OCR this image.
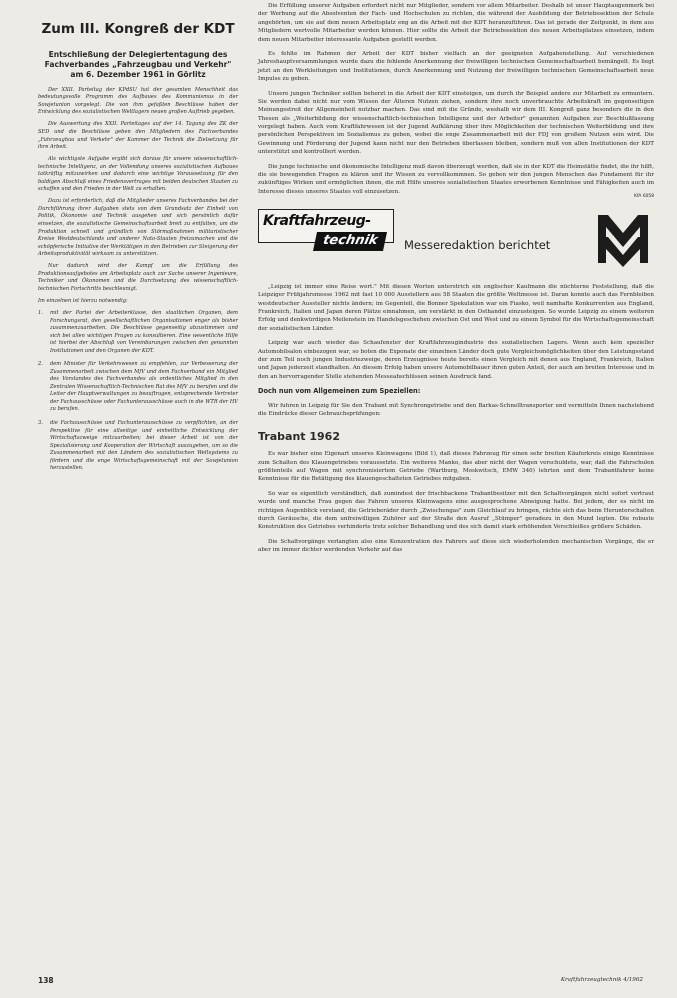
Zum III. Kongreß der KDT
Entschließung der Delegiertentagung des Fachverbandes „Fahrzeugbau und Verkehr" am 6. Dezember 1961 in Görlitz

Der XXII. Parteitag der KPdSU hat der gesamten Menschheit das bedeutungsvolle Programm des Aufbaues des Kommunismus in der Sowjetunion vorgelegt. Die von ihm gefaßten Beschlüsse haben der Entwicklung des sozialistischen Weltlagers neuen großen Auftrieb gegeben.

Die Auswertung des XXII. Parteitages auf der 14. Tagung des ZK der SED und die Beschlüsse geben den Mitgliedern des Fachverbandes „Fahrzeugbau und Verkehr" der Kammer der Technik die Zielsetzung für ihre Arbeit.

Als wichtigste Aufgabe ergibt sich daraus für unsere wissenschaftlich-technische Intelligenz, an der Vollendung unseres sozialistischen Aufbaues tatkräftig mitzuwirken und dadurch eine wichtige Voraussetzung für den baldigen Abschluß eines Friedensvertrages mit beiden deutschen Staaten zu schaffen und den Frieden in der Welt zu erhalten.

Dazu ist erforderlich, daß die Mitglieder unseres Fachverbandes bei der Durchführung ihrer Aufgaben stets von dem Grundsatz der Einheit von Politik, Ökonomie und Technik ausgehen und sich persönlich dafür einsetzen, die sozialistische Gemeinschaftsarbeit breit zu entfalten, um die Produktion schnell und gründlich von Störmaßnahmen militaristischer Kreise Westdeutschlands und anderer Nato-Staaten freizumachen und die schöpferische Initiative der Werktätigen in den Betrieben zur Steigerung der Arbeitsproduktivität wirksam zu unterstützen.

Nur dadurch wird der Kampf um die Erfüllung des Produktionsaufgebotes am Arbeitsplatz auch zur Sache unserer Ingenieure, Techniker und Ökonomen und die Durchsetzung des wissenschaftlich-technischen Fortschritts beschleunigt.

Im einzelnen ist hierzu notwendig:

1.	mit der Partei der Arbeiterklasse, den staatlichen Organen, dem Forschungsrat, den gesellschaftlichen Organisationen enger als bisher zusammenzuarbeiten. Die Beschlüsse gegenseitig abzustimmen und sich bei allen wichtigen Fragen zu konsultieren. Eine wesentliche Hilfe ist hierbei der Abschluß von Vereinbarungen zwischen den genannten Institutionen und den Organen der KDT.
2.	dem Minister für Verkehrswesen zu empfehlen, zur Verbesserung der Zusammenarbeit zwischen dem MfV und dem Fachverband ein Mitglied des Vorstandes des Fachverbandes als ordentliches Mitglied in den Zentralen Wissenschaftlich-Technischen Rat des MfV zu berufen und die Leiter der Hauptverwaltungen zu beauftragen, entsprechende Vertreter der Fachausschüsse oder Fachunterausschüsse auch in die WTR der HV zu berufen.
3.	die Fachausschüsse und Fachunterausschüsse zu verpflichten, an der Perspektive für eine allseitige und einheitliche Entwicklung der Wirtschaftszweige mitzuarbeiten; bei dieser Arbeit ist von der Spezialisierung und Kooperation der Wirtschaft auszugehen, um so die Zusammenarbeit mit den Ländern des sozialistischen Weltsystems zu fördern und die enge Wirtschaftsgemeinschaft mit der Sowjetunion herzustellen.

Die Erfüllung unserer Aufgaben erfordert nicht nur Mitglieder, sondern vor allem Mitarbeiter. Deshalb ist unser Hauptaugenmerk bei der Werbung auf die Absolventen der Fach- und Hochschulen zu richten, die während der Ausbildung der Betriebssektion der Schule angehörten, um sie auf dem neuen Arbeitsplatz eng an die Arbeit mit der KDT heranzuführen. Das ist gerade der Zeitpunkt, in dem aus Mitgliedern wertvolle Mitarbeiter werden können. Hier sollte die Arbeit der Betriebssektion des neuen Arbeitsplatzes einsetzen, indem dem neuen Mitarbeiter interessante Aufgaben gestellt werden.

Es fehlte im Rahmen der Arbeit der KDT bisher vielfach an der geeigneten Aufgabenstellung. Auf verschiedenen Jahreshauptversammlungen wurde dazu die fehlende Anerkennung der freiwilligen technischen Gemeinschaftsarbeit bemängelt. Es liegt jetzt an den Werkleitungen und Institutionen, durch Anerkennung und Nutzung der freiwilligen technischen Gemeinschaftsarbeit neue Impulse zu geben.

Unsere jungen Techniker sollten beherzt in die Arbeit der KDT einsteigen, um durch ihr Beispiel andere zur Mitarbeit zu ermuntern. Sie werden dabei nicht nur vom Wissen der Älteren Nutzen ziehen, sondern ihre noch unverbrauchte Arbeitskraft im gegenseitigen Meinungsstreit der Allgemeinheit nutzbar machen. Das sind mit die Gründe, weshalb wir dem III. Kongreß ganz besonders die in den Thesen als „Weiterbildung der wissenschaftlich-technischen Intelligenz und der Arbeiter" genannten Aufgaben zur Beschlußfassung vorgelegt haben. Auch vom Kraftfahrwesen ist der Jugend Aufklärung über ihre Möglichkeiten der technischen Weiterbildung und ihre persönlichen Perspektiven im Sozialismus zu geben, wobei die enge Zusammenarbeit mit der FDJ von großem Nutzen sein wird. Die Gewinnung und Förderung der Jugend kann nicht nur den Betrieben überlassen bleiben, sondern muß von allen Institutionen der KDT unterstützt und kontrolliert werden.

Die junge technische und ökonomische Intelligenz muß davon überzeugt werden, daß sie in der KDT die Heimstätte findet, die ihr hilft, die sie bewegenden Fragen zu klären und ihr Wissen zu vervollkommnen. So geben wir den jungen Menschen das Fundament für ihr zukünftiges Wirken und ermöglichen ihnen, die mit Hilfe unseres sozialistischen Staates erworbenen Kenntnisse und Fähigkeiten auch im Interesse dieses unseres Staates voll einzusetzen.

KfA 6058
Kraftfahrzeug-
technik	Messeredaktion berichtet

„Leipzig ist immer eine Reise wert." Mit diesen Worten unterstrich ein englischer Kaufmann die nüchterne Feststellung, daß die Leipziger Frühjahrsmesse 1962 mit fast 10 000 Ausstellern aus 58 Staaten die größte Weltmesse ist. Daran konnte auch das Fernbleiben westdeutscher Aussteller nichts ändern; im Gegenteil, die Bonner Spekulation war ein Fiasko, weil namhafte Konkurrenten aus England, Frankreich, Italien und Japan deren Plätze einnahmen, um verstärkt in den Osthandel einzusteigen. So wurde Leipzig zu einem weiteren Erfolg und denkwürdigen Meilenstein im Handelsgeschehen zwischen Ost und West und zu einem Symbol für die Wirtschaftsgemeinschaft der sozialistischen Länder.

Leipzig war auch wieder das Schaufenster der Kraftfahrzeugindustrie des sozialistischen Lagers. Wenn auch kein spezieller Automobilsalon einbezogen war, so boten die Exponate der einzelnen Länder doch gute Vergleichsmöglichkeiten über den Leistungsstand der zum Teil noch jungen Industriezweige, deren Erzeugnisse heute bereits einen Vergleich mit denen aus England, Frankreich, Italien und Japan jederzeit standhalten. An diesem Erfolg haben unsere Automobilbauer ihren guten Anteil, der auch am breiten Interesse und in den an hervorragender Stelle stehenden Messeabschlüssen seinen Ausdruck fand.

Doch nun vom Allgemeinen zum Speziellen:

Wir fuhren in Leipzig für Sie den Trabant mit Synchrongetriebe und den Barkas-Schnelltransporter und vermitteln Ihnen nachstehend die Eindrücke dieser Gebrauchsprüfungen:

Trabant 1962

Es war bisher eine Eigenart unseres Kleinwagens (Bild 1), daß dieses Fahrzeug für einen sehr breiten Käuferkreis einige Kenntnisse zum Schalten des Klauengetriebes voraussetzte. Ein weiteres Manko, das aber nicht der Wagen verschuldete, war, daß die Fahrschulen größtenteils auf Wagen mit synchronisiertem Getriebe (Wartburg, Moskwitsch, EMW 340) lehrten und dem Trabantfahrer keine Kenntnisse für die Betätigung des klauengeschalteten Getriebes mitgaben.

So war es eigentlich verständlich, daß zumindest der frischbackene Trabantbesitzer mit den Schaltvorgängen nicht sofort vertraut wurde und manche Frau gegen das Fahren unseres Kleinwagens eine ausgesprochene Abneigung hatte. Bei jedem, der es nicht im richtigen Augenblick verstand, die Getrieberäder durch „Zwischengas" zum Gleichlauf zu bringen, rächte sich das beim Herunterschalten durch Geräusche, die dem unfreiwilligen Zuhörer auf der Straße den Ausruf „Stümper" geradezu in den Mund legten. Die robuste Konstruktion des Getriebes verhinderte trotz solcher Behandlung und des sich damit stark erhöhenden Verschleißes größere Schäden.

Die Schaltvorgänge verlangten also eine Konzentration des Fahrers auf diese sich wiederholenden mechanischen Vorgänge, die er aber im immer dichter werdenden Verkehr auf das

138	Kraftfahrzeugtechnik 4/1962
